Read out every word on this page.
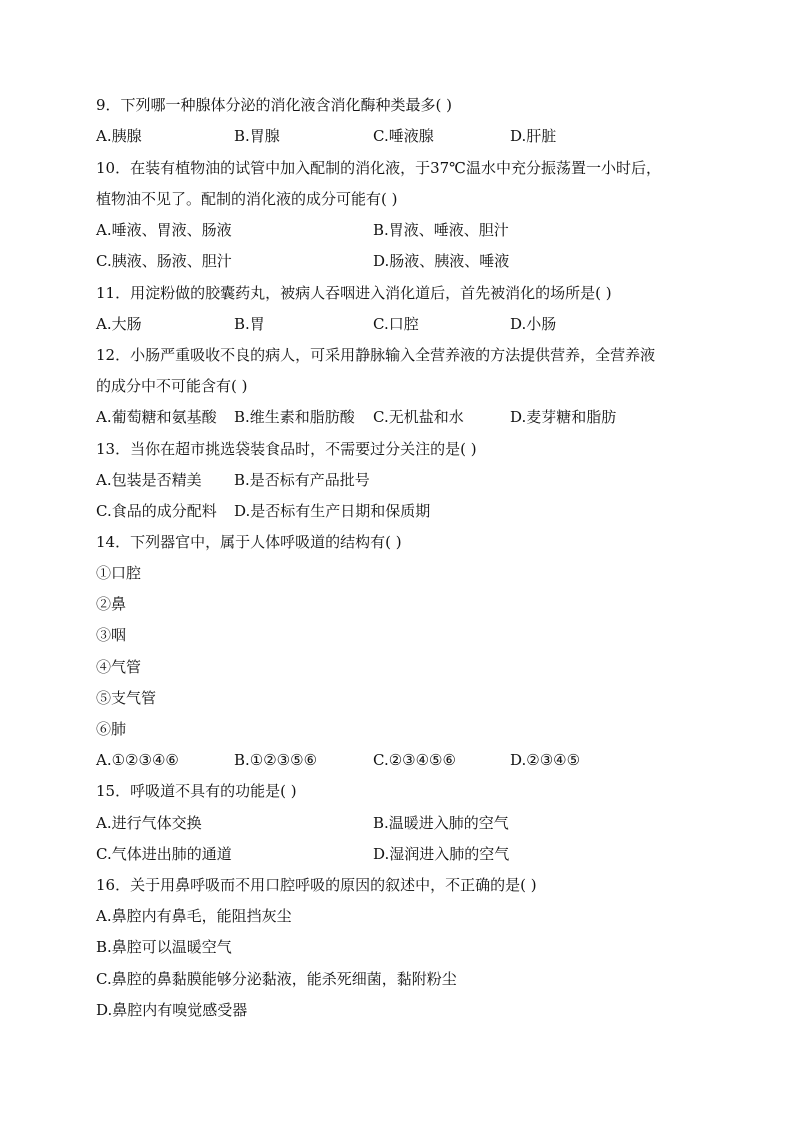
9．下列哪一种腺体分泌的消化液含消化酶种类最多( )
A.胰腺	B.胃腺	C.唾液腺	D.肝脏
10．在装有植物油的试管中加入配制的消化液，于37℃温水中充分振荡置一小时后，
植物油不见了。配制的消化液的成分可能有( )
A.唾液、胃液、肠液	B.胃液、唾液、胆汁
C.胰液、肠液、胆汁	D.肠液、胰液、唾液
11．用淀粉做的胶囊药丸，被病人吞咽进入消化道后，首先被消化的场所是( )
A.大肠	B.胃	C.口腔	D.小肠
12．小肠严重吸收不良的病人，可采用静脉输入全营养液的方法提供营养，全营养液
的成分中不可能含有( )
A.葡萄糖和氨基酸 B.维生素和脂肪酸 C.无机盐和水	D.麦芽糖和脂肪
13．当你在超市挑选袋装食品时，不需要过分关注的是( )
A.包装是否精美 B.是否标有产品批号
C.食品的成分配料 D.是否标有生产日期和保质期
14．下列器官中，属于人体呼吸道的结构有( )
①口腔
②鼻
③咽
④气管
⑤支气管
⑥肺
A.①②③④⑥	B.①②③⑤⑥	C.②③④⑤⑥	D.②③④⑤
15．呼吸道不具有的功能是( )
A.进行气体交换	B.温暖进入肺的空气
C.气体进出肺的通道	D.湿润进入肺的空气
16．关于用鼻呼吸而不用口腔呼吸的原因的叙述中，不正确的是( )
A.鼻腔内有鼻毛，能阻挡灰尘
B.鼻腔可以温暖空气
C.鼻腔的鼻黏膜能够分泌黏液，能杀死细菌，黏附粉尘
D.鼻腔内有嗅觉感受器
